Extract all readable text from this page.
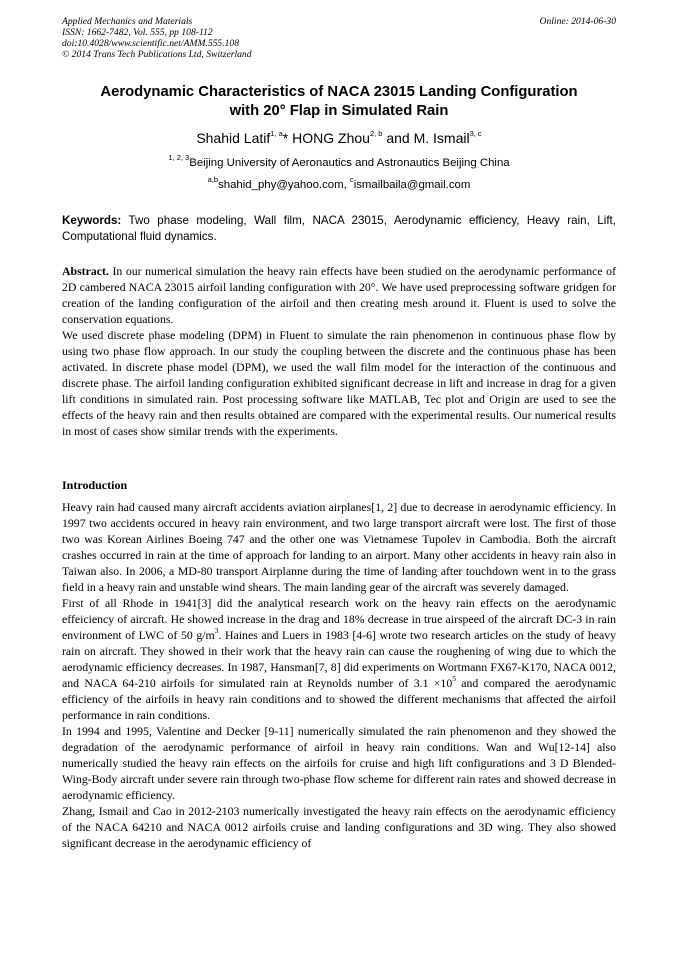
Applied Mechanics and Materials
ISSN: 1662-7482, Vol. 555, pp 108-112
doi:10.4028/www.scientific.net/AMM.555.108
© 2014 Trans Tech Publications Ltd, Switzerland
Online: 2014-06-30
Aerodynamic Characteristics of NACA 23015 Landing Configuration
with 20° Flap in Simulated Rain
Shahid Latif$^{1, a}$* HONG Zhou$^{2, b}$ and M. Ismail$^{3, c}$
$^{1, 2, 3}$Beijing University of Aeronautics and Astronautics Beijing China
$^{a,b}$shahid_phy@yahoo.com, $^c$ismailbaila@gmail.com
Keywords: Two phase modeling, Wall film, NACA 23015, Aerodynamic efficiency, Heavy rain, Lift, Computational fluid dynamics.

Abstract. In our numerical simulation the heavy rain effects have been studied on the aerodynamic performance of 2D cambered NACA 23015 airfoil landing configuration with 20°. We have used preprocessing software gridgen for creation of the landing configuration of the airfoil and then creating mesh around it. Fluent is used to solve the conservation equations.

We used discrete phase modeling (DPM) in Fluent to simulate the rain phenomenon in continuous phase flow by using two phase flow approach. In our study the coupling between the discrete and the continuous phase has been activated. In discrete phase model (DPM), we used the wall film model for the interaction of the continuous and discrete phase. The airfoil landing configuration exhibited significant decrease in lift and increase in drag for a given lift conditions in simulated rain. Post processing software like MATLAB, Tec plot and Origin are used to see the effects of the heavy rain and then results obtained are compared with the experimental results. Our numerical results in most of cases show similar trends with the experiments.

Introduction

Heavy rain had caused many aircraft accidents aviation airplanes[1, 2] due to decrease in aerodynamic efficiency. In 1997 two accidents occured in heavy rain environment, and two large transport aircraft were lost. The first of those two was Korean Airlines Boeing 747 and the other one was Vietnamese Tupolev in Cambodia. Both the aircraft crashes occurred in rain at the time of approach for landing to an airport. Many other accidents in heavy rain also in Taiwan also. In 2006, a MD-80 transport Airplanne during the time of landing after touchdown went in to the grass field in a heavy rain and unstable wind shears. The main landing gear of the aircraft was severely damaged.

First of all Rhode in 1941[3] did the analytical research work on the heavy rain effects on the aerodynamic effeiciency of aircraft. He showed increase in the drag and 18% decrease in true airspeed of the aircraft DC-3 in rain environment of LWC of 50 $g/m^3$. Haines and Luers in 1983 [4-6] wrote two research articles on the study of heavy rain on aircraft. They showed in their work that the heavy rain can cause the roughening of wing due to which the aerodynamic efficiency decreases. In 1987, Hansman[7, 8] did experiments on Wortmann FX67-K170, NACA 0012, and NACA 64-210 airfoils for simulated rain at Reynolds number of $3.1 \times 10^5$ and compared the aerodynamic efficiency of the airfoils in heavy rain conditions and to showed the different mechanisms that affected the airfoil performance in rain conditions.

In 1994 and 1995, Valentine and Decker [9-11] numerically simulated the rain phenomenon and they showed the degradation of the aerodynamic performance of airfoil in heavy rain conditions. Wan and Wu[12-14] also numerically studied the heavy rain effects on the airfoils for cruise and high lift configurations and 3 D Blended-Wing-Body aircraft under severe rain through two-phase flow scheme for different rain rates and showed decrease in aerodynamic efficiency.

Zhang, Ismail and Cao in 2012-2103 numerically investigated the heavy rain effects on the aerodynamic efficiency of the NACA 64210 and NACA 0012 airfoils cruise and landing configurations and 3D wing. They also showed significant decrease in the aerodynamic efficiency of
